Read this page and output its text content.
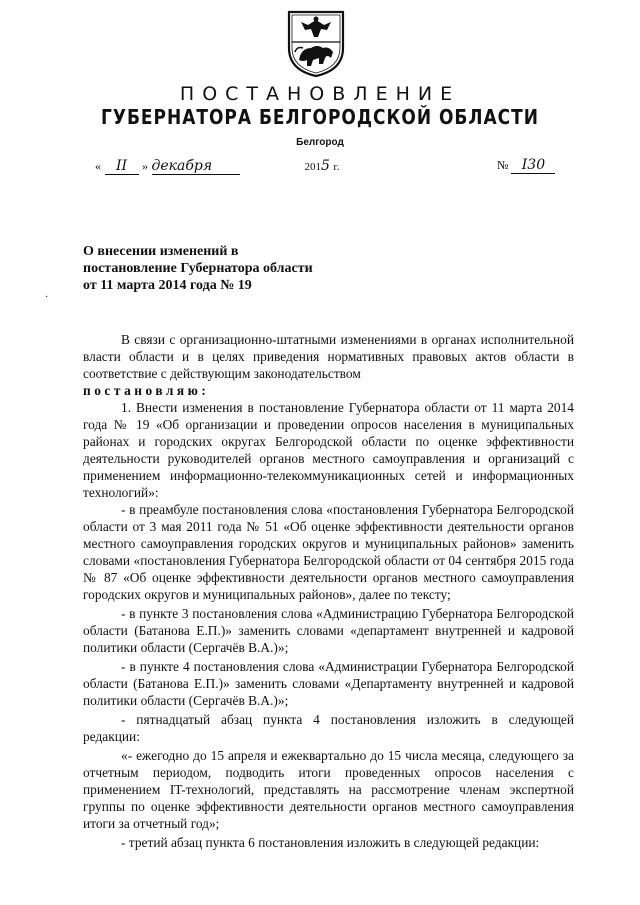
ПОСТАНОВЛЕНИЕ
ГУБЕРНАТОРА БЕЛГОРОДСКОЙ ОБЛАСТИ
Белгород
« II » декабря	2015 г.	№ I30
О внесении изменений в
постановление Губернатора области
от 11 марта 2014 года № 19
·

В связи с организационно-штатными изменениями в органах исполнительной власти области и в целях приведения нормативных правовых актов области в соответствие с действующим законодательством

постановляю:

1. Внести изменения в постановление Губернатора области от 11 марта 2014 года № 19 «Об организации и проведении опросов населения в муниципальных районах и городских округах Белгородской области по оценке эффективности деятельности руководителей органов местного самоуправления и организаций с применением информационно-телекоммуникационных сетей и информационных технологий»:

- в преамбуле постановления слова «постановления Губернатора Белгородской области от 3 мая 2011 года № 51 «Об оценке эффективности деятельности органов местного самоуправления городских округов и муниципальных районов» заменить словами «постановления Губернатора Белгородской области от 04 сентября 2015 года № 87 «Об оценке эффективности деятельности органов местного самоуправления городских округов и муниципальных районов», далее по тексту;

- в пункте 3 постановления слова «Администрацию Губернатора Белгородской области (Батанова Е.П.)» заменить словами «департамент внутренней и кадровой политики области (Сергачёв В.А.)»;

- в пункте 4 постановления слова «Администрации Губернатора Белгородской области (Батанова Е.П.)» заменить словами «Департаменту внутренней и кадровой политики области (Сергачёв В.А.)»;

- пятнадцатый абзац пункта 4 постановления изложить в следующей редакции:

«- ежегодно до 15 апреля и ежеквартально до 15 числа месяца, следующего за отчетным периодом, подводить итоги проведенных опросов населения с применением IT-технологий, представлять на рассмотрение членам экспертной группы по оценке эффективности деятельности органов местного самоуправления итоги за отчетный год»;

- третий абзац пункта 6 постановления изложить в следующей редакции:
